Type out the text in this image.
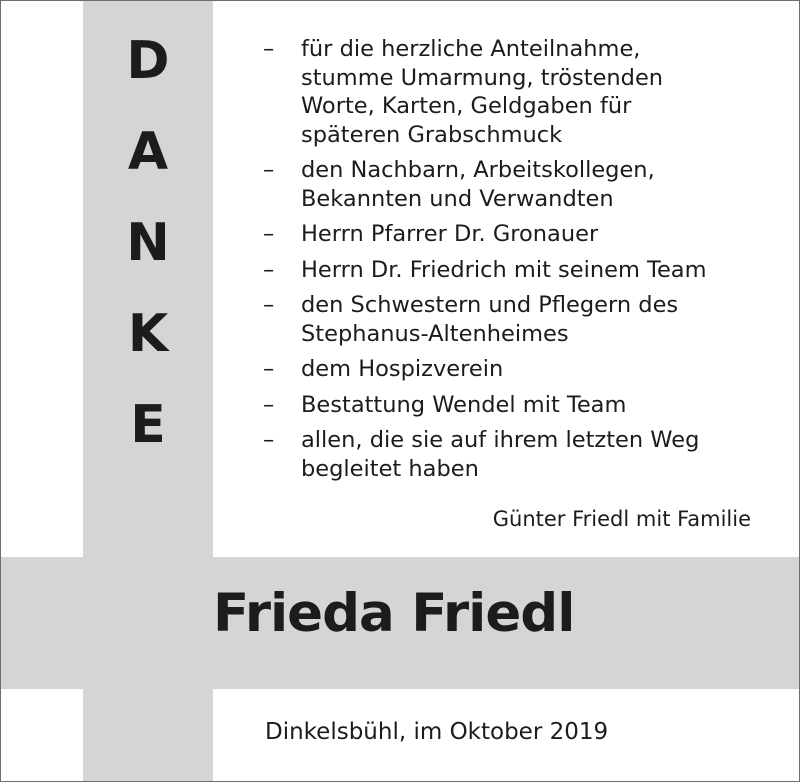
D
A
N
K
E
– für die herzliche Anteilnahme,
stumme Umarmung, tröstenden
Worte, Karten, Geldgaben für
späteren Grabschmuck
– den Nachbarn, Arbeitskollegen,
Bekannten und Verwandten
– Herrn Pfarrer Dr. Gronauer
– Herrn Dr. Friedrich mit seinem Team
– den Schwestern und Pflegern des
Stephanus-Altenheimes
– dem Hospizverein
– Bestattung Wendel mit Team
– allen, die sie auf ihrem letzten Weg
begleitet haben
Günter Friedl mit Familie
Frieda Friedl
Dinkelsbühl, im Oktober 2019
